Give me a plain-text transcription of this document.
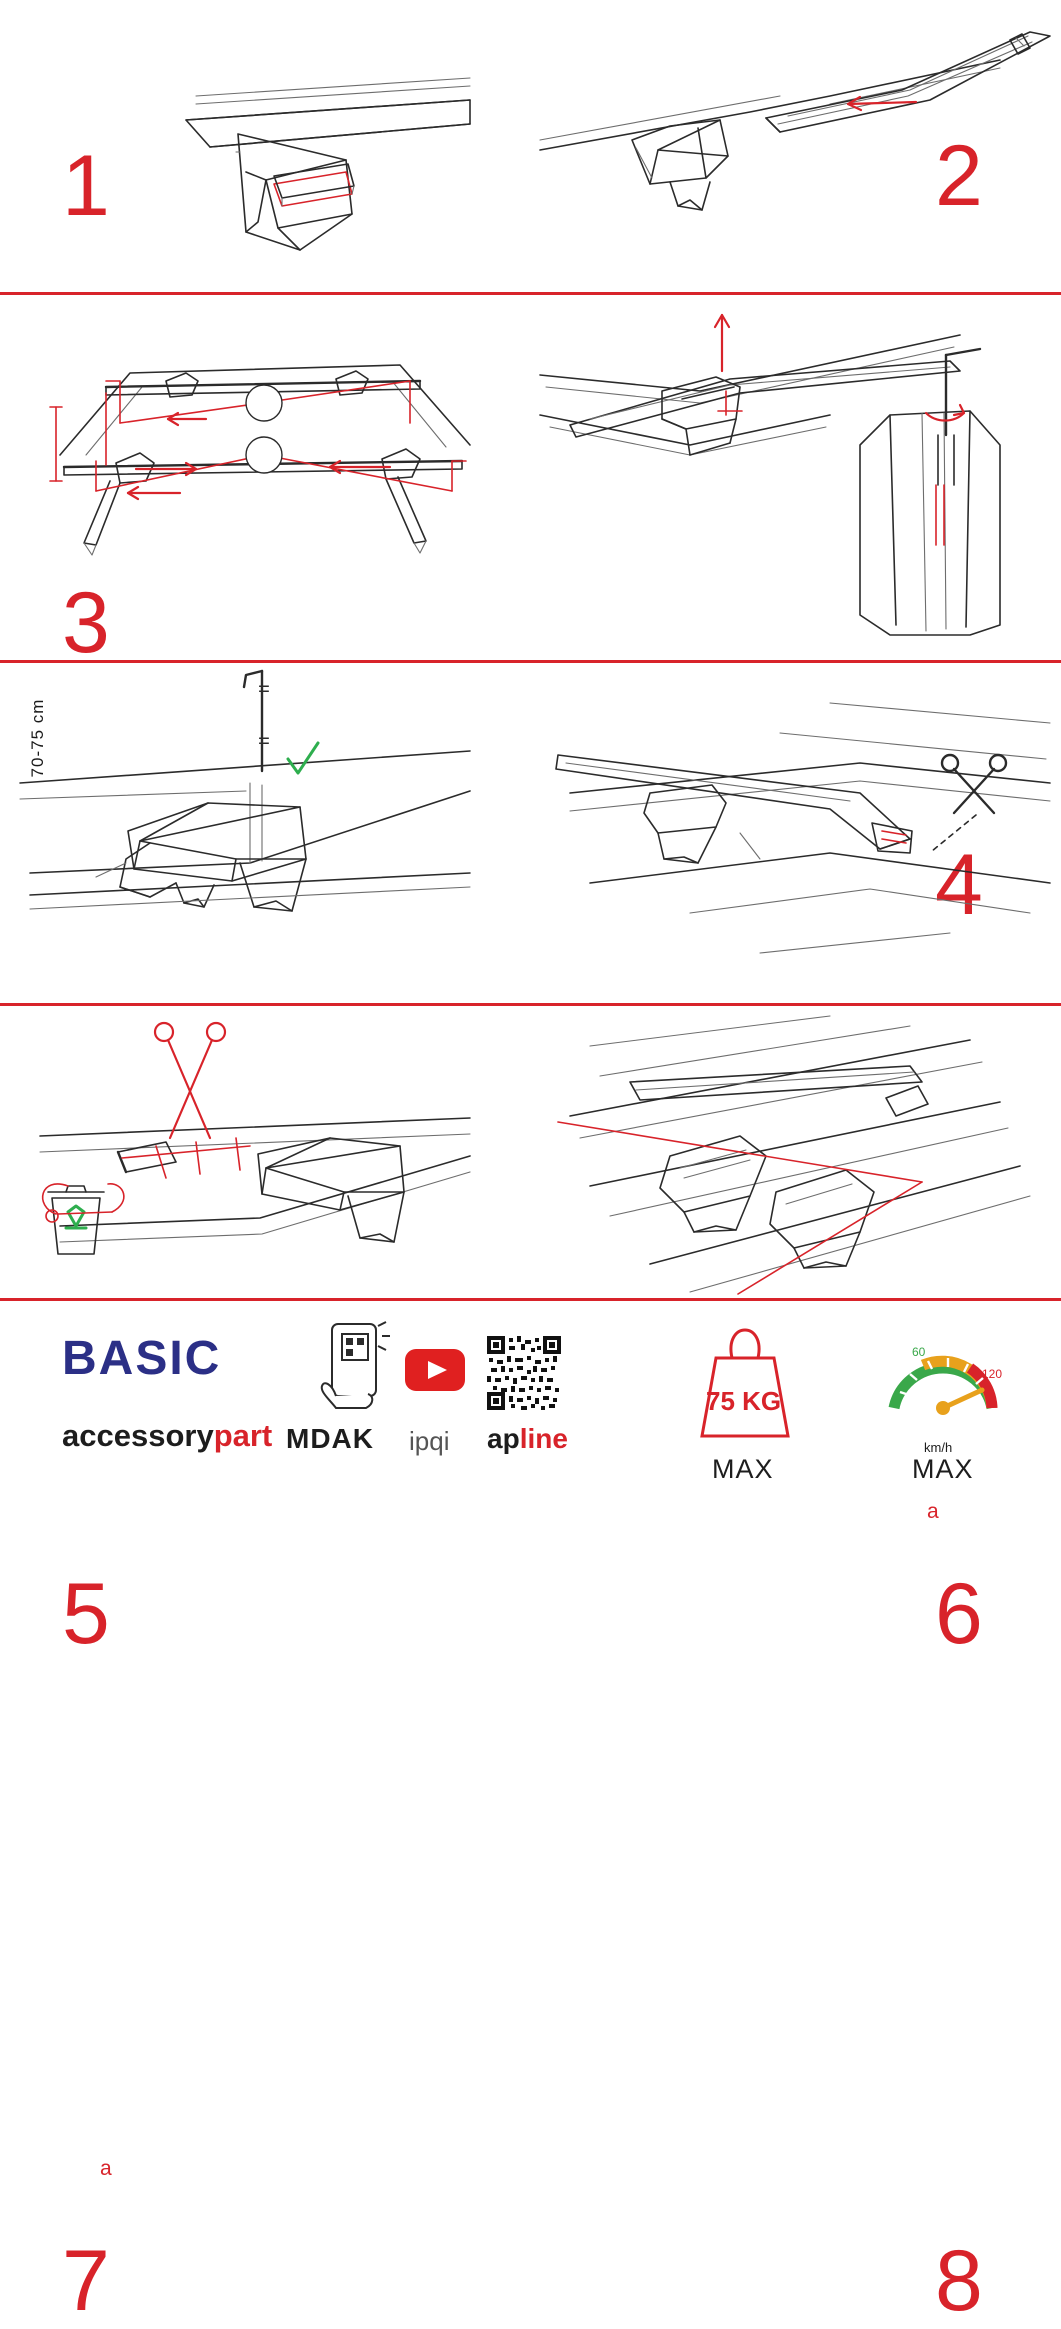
1	2
=
=
70-75 cm
3
4
5
a
6
a
7	8
BASIC
accessorypart MDAK ipqi apline
75 KG
MAX
60
120
km/h
MAX
